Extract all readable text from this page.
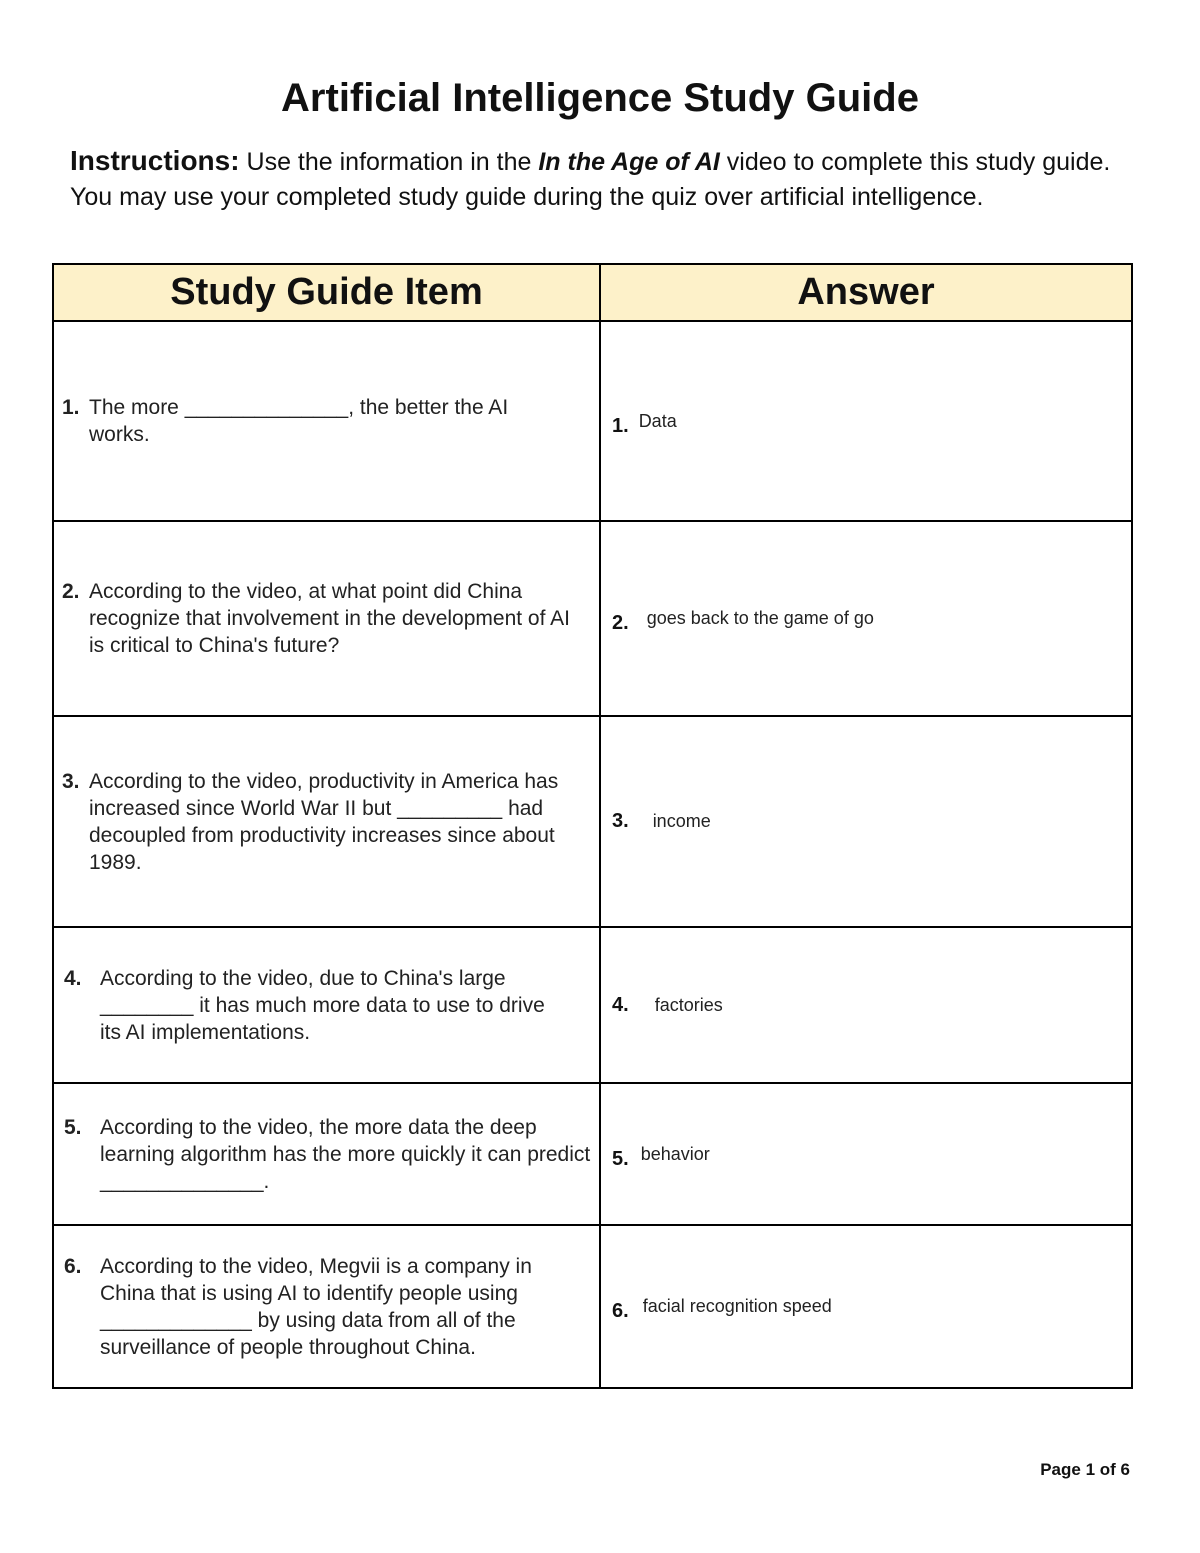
Artificial Intelligence Study Guide

Instructions: Use the information in the In the Age of AI video to complete this study guide. You may use your completed study guide during the quiz over artificial intelligence.

Study Guide Item	Answer

1. The more ______________, the better the AI works.	1. Data

2. According to the video, at what point did China recognize that involvement in the development of AI is critical to China's future?	2. goes back to the game of go

3. According to the video, productivity in America has increased since World War II but _________ had decoupled from productivity increases since about 1989.	3. income

4. According to the video, due to China's large ________ it has much more data to use to drive its AI implementations.	4. factories

5. According to the video, the more data the deep learning algorithm has the more quickly it can predict ______________.	5. behavior

6. According to the video, Megvii is a company in China that is using AI to identify people using _____________ by using data from all of the surveillance of people throughout China.	6. facial recognition speed
Page 1 of 6
